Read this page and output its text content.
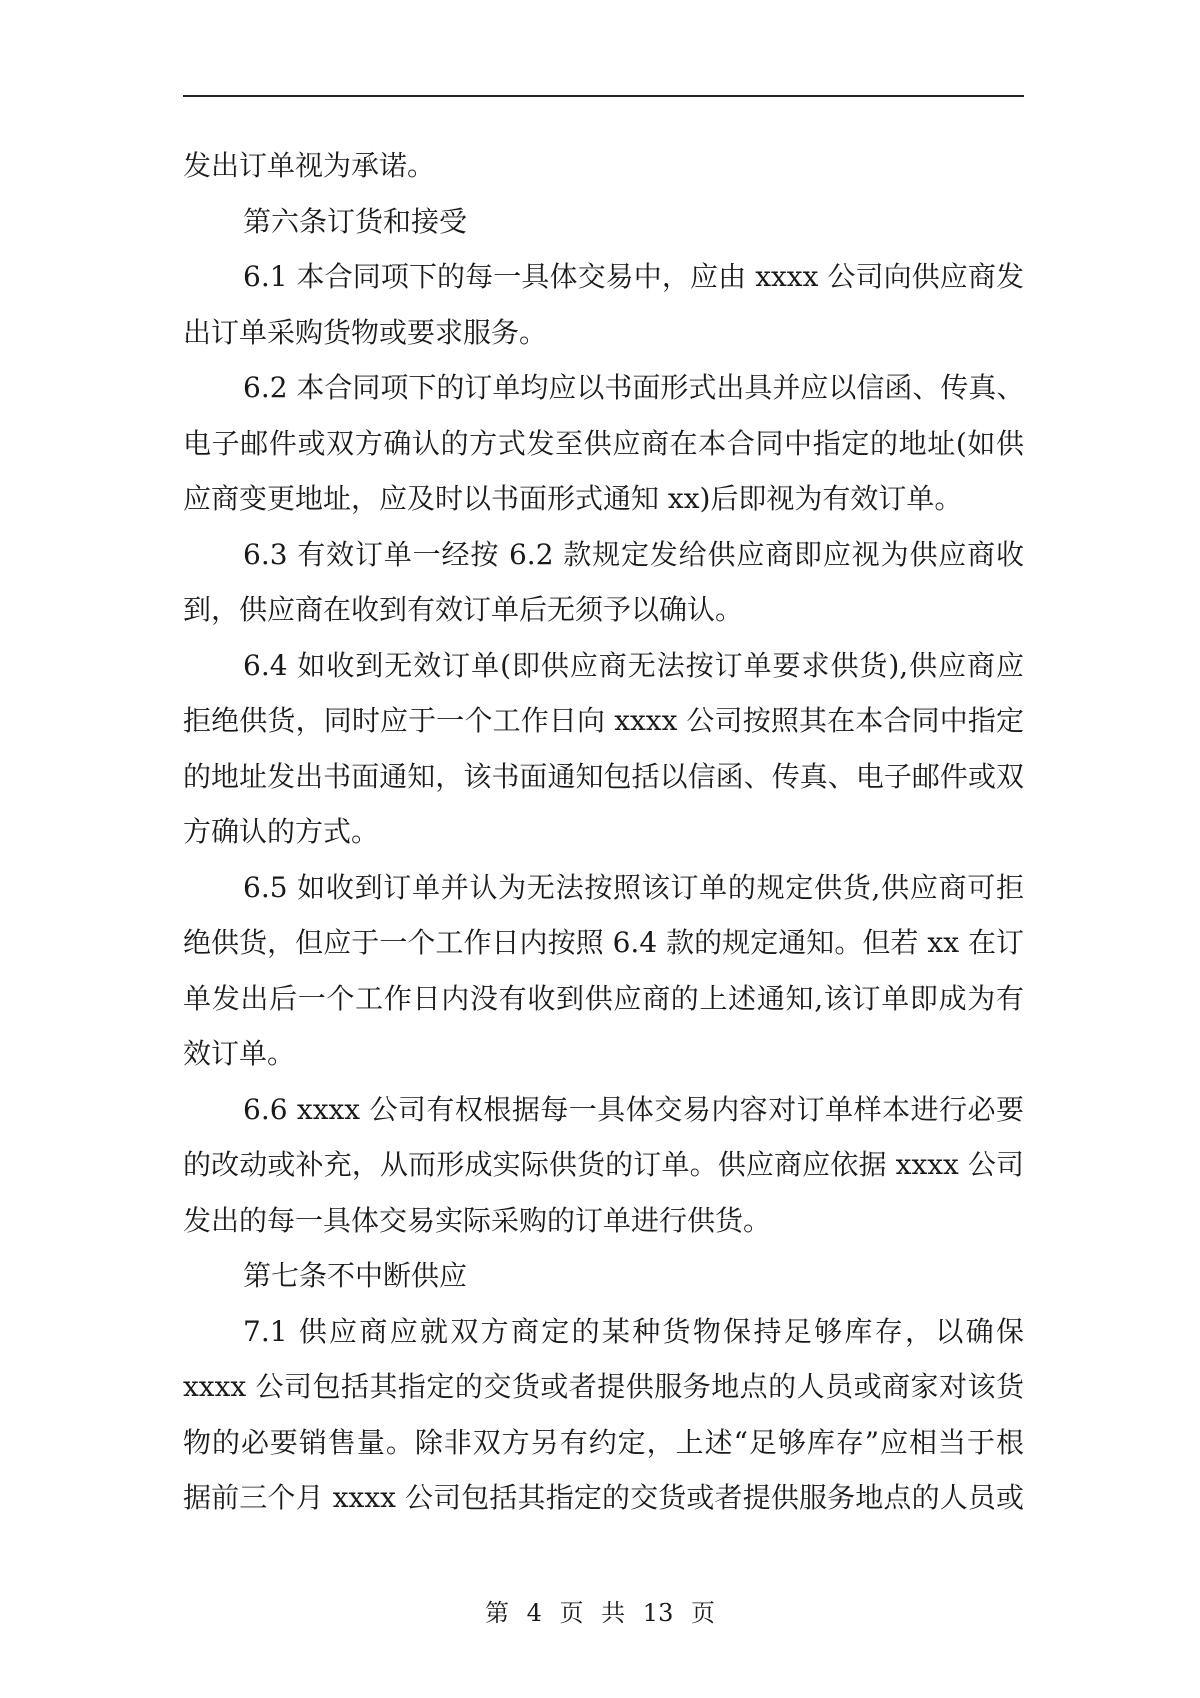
发出订单视为承诺。
第六条订货和接受
6.1 本合同项下的每一具体交易中，应由 xxxx 公司向供应商发
出订单采购货物或要求服务。
6.2 本合同项下的订单均应以书面形式出具并应以信函、传真、
电子邮件或双方确认的方式发至供应商在本合同中指定的地址(如供
应商变更地址，应及时以书面形式通知 xx)后即视为有效订单。
6.3 有效订单一经按 6.2 款规定发给供应商即应视为供应商收
到，供应商在收到有效订单后无须予以确认。
6.4 如收到无效订单(即供应商无法按订单要求供货),供应商应
拒绝供货，同时应于一个工作日向 xxxx 公司按照其在本合同中指定
的地址发出书面通知，该书面通知包括以信函、传真、电子邮件或双
方确认的方式。
6.5 如收到订单并认为无法按照该订单的规定供货,供应商可拒
绝供货，但应于一个工作日内按照 6.4 款的规定通知。但若 xx 在订
单发出后一个工作日内没有收到供应商的上述通知,该订单即成为有
效订单。
6.6 xxxx 公司有权根据每一具体交易内容对订单样本进行必要
的改动或补充，从而形成实际供货的订单。供应商应依据 xxxx 公司
发出的每一具体交易实际采购的订单进行供货。
第七条不中断供应
7.1 供应商应就双方商定的某种货物保持足够库存，以确保
xxxx 公司包括其指定的交货或者提供服务地点的人员或商家对该货
物的必要销售量。除非双方另有约定，上述“足够库存”应相当于根
据前三个月 xxxx 公司包括其指定的交货或者提供服务地点的人员或
第 4 页 共 13 页
